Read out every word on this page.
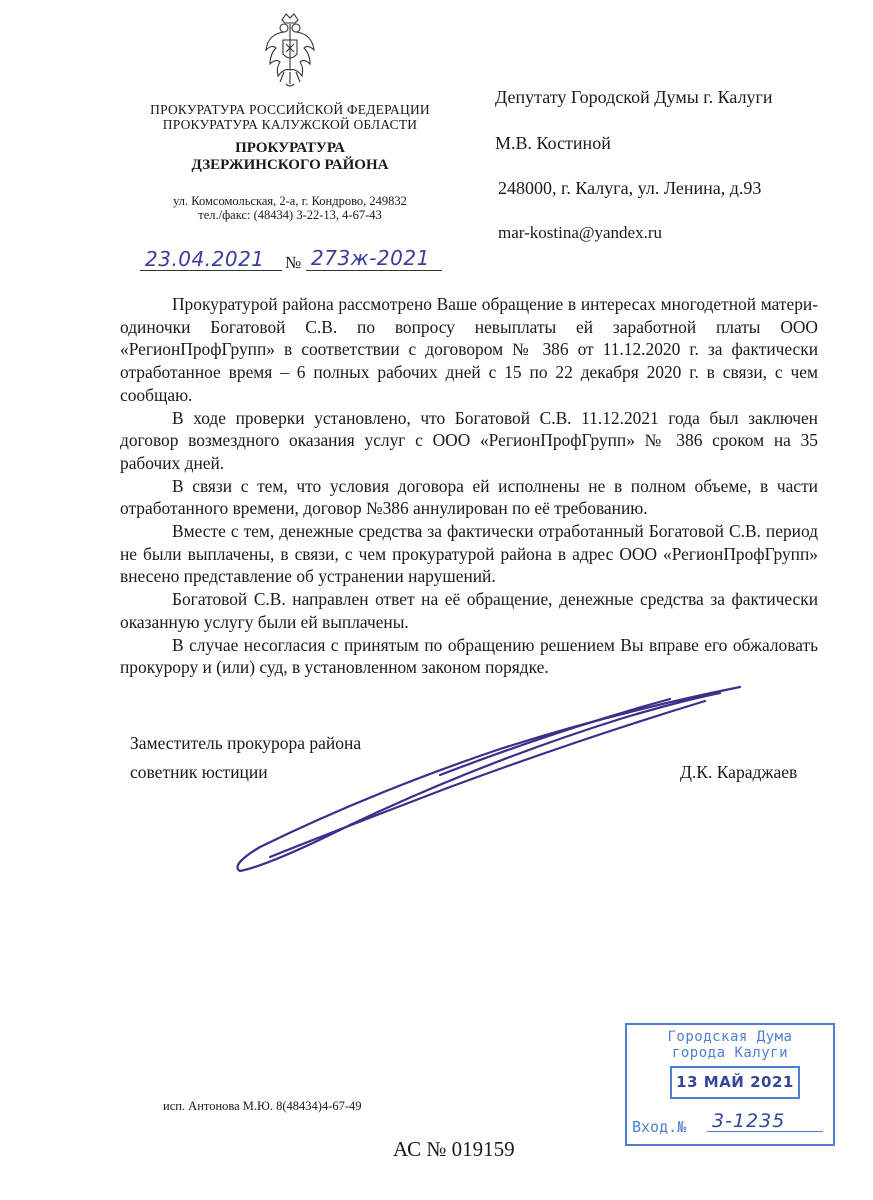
ПРОКУРАТУРА РОССИЙСКОЙ ФЕДЕРАЦИИ
ПРОКУРАТУРА КАЛУЖСКОЙ ОБЛАСТИ
ПРОКУРАТУРА
ДЗЕРЖИНСКОГО РАЙОНА
ул. Комсомольская, 2-а, г. Кондрово, 249832
тел./факс: (48434) 3-22-13, 4-67-43
Депутату Городской Думы г. Калуги
М.В. Костиной
248000, г. Калуга, ул. Ленина, д.93
mar-kostina@yandex.ru
23.04.2021 № 273ж-2021

Прокуратурой района рассмотрено Ваше обращение в интересах многодетной матери-одиночки Богатовой С.В. по вопросу невыплаты ей заработной платы ООО «РегионПрофГрупп» в соответствии с договором № 386 от 11.12.2020 г. за фактически отработанное время – 6 полных рабочих дней с 15 по 22 декабря 2020 г. в связи, с чем сообщаю.

В ходе проверки установлено, что Богатовой С.В. 11.12.2021 года был заключен договор возмездного оказания услуг с ООО «РегионПрофГрупп» № 386 сроком на 35 рабочих дней.

В связи с тем, что условия договора ей исполнены не в полном объеме, в части отработанного времени, договор №386 аннулирован по её требованию.

Вместе с тем, денежные средства за фактически отработанный Богатовой С.В. период не были выплачены, в связи, с чем прокуратурой района в адрес ООО «РегионПрофГрупп» внесено представление об устранении нарушений.

Богатовой С.В. направлен ответ на её обращение, денежные средства за фактически оказанную услугу были ей выплачены.

В случае несогласия с принятым по обращению решением Вы вправе его обжаловать прокурору и (или) суд, в установленном законом порядке.

Заместитель прокурора района
советник юстиции	Д.К. Караджаев
исп. Антонова М.Ю. 8(48434)4-67-49
АС № 019159
Городская Дума
города Калуги
13 МАЙ 2021
Вход.№ 3-1235
